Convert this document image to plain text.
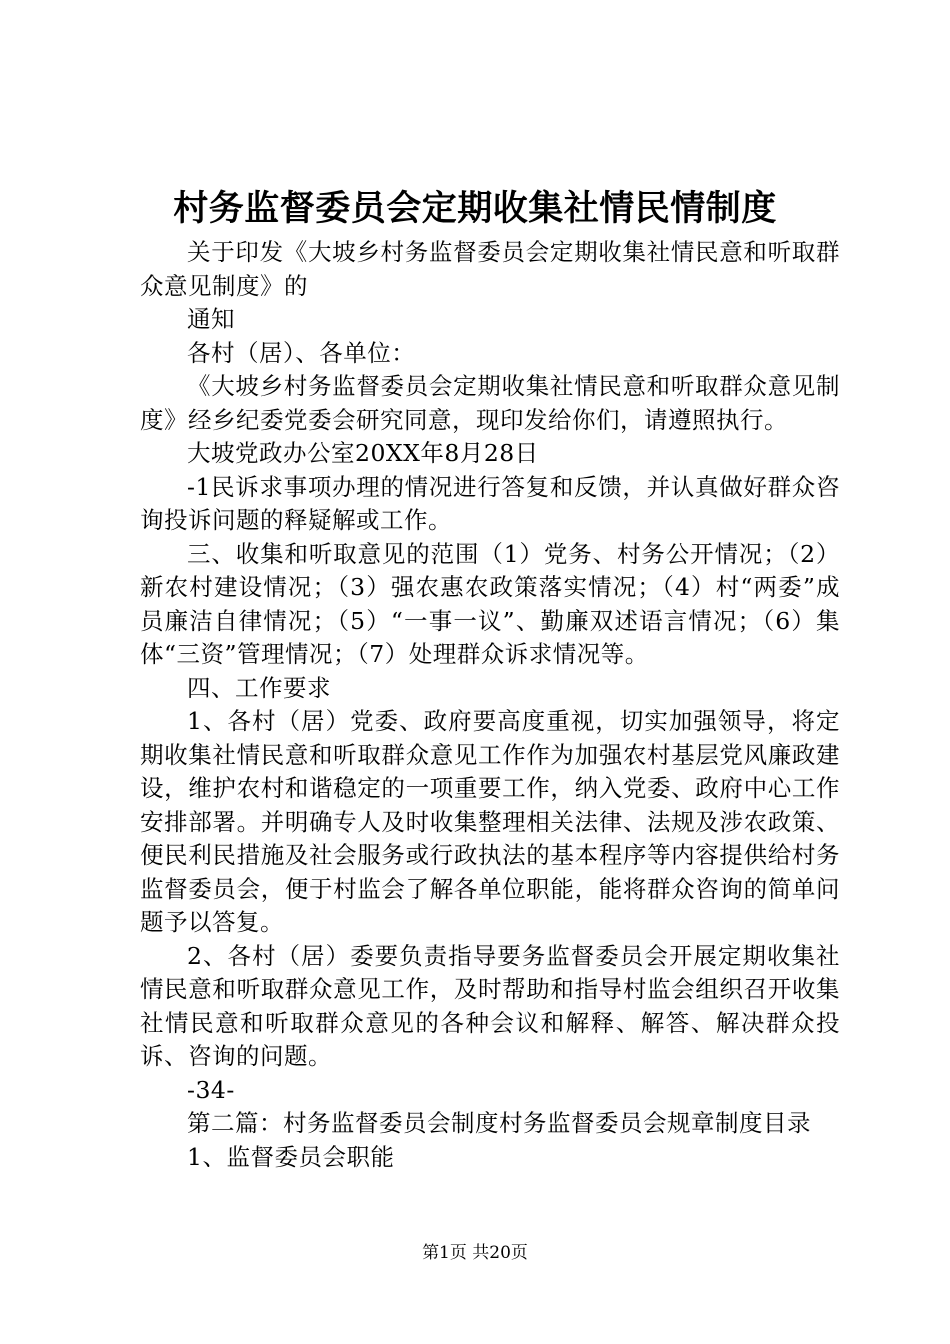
村务监督委员会定期收集社情民情制度

关于印发《大坡乡村务监督委员会定期收集社情民意和听取群众意见制度》的

通知

各村（居）、各单位：

《大坡乡村务监督委员会定期收集社情民意和听取群众意见制度》经乡纪委党委会研究同意，现印发给你们，请遵照执行。

大坡党政办公室20XX年8月28日

-1民诉求事项办理的情况进行答复和反馈，并认真做好群众咨询投诉问题的释疑解或工作。

三、收集和听取意见的范围（1）党务、村务公开情况；（2）新农村建设情况；（3）强农惠农政策落实情况；（4）村“两委”成员廉洁自律情况；（5）“一事一议”、勤廉双述语言情况；（6）集体“三资”管理情况；（7）处理群众诉求情况等。

四、工作要求

1、各村（居）党委、政府要高度重视，切实加强领导，将定期收集社情民意和听取群众意见工作作为加强农村基层党风廉政建设，维护农村和谐稳定的一项重要工作，纳入党委、政府中心工作安排部署。并明确专人及时收集整理相关法律、法规及涉农政策、便民利民措施及社会服务或行政执法的基本程序等内容提供给村务监督委员会，便于村监会了解各单位职能，能将群众咨询的简单问题予以答复。

2、各村（居）委要负责指导要务监督委员会开展定期收集社情民意和听取群众意见工作，及时帮助和指导村监会组织召开收集社情民意和听取群众意见的各种会议和解释、解答、解决群众投诉、咨询的问题。

-34-

第二篇：村务监督委员会制度村务监督委员会规章制度目录

1、监督委员会职能

第1页 共20页
